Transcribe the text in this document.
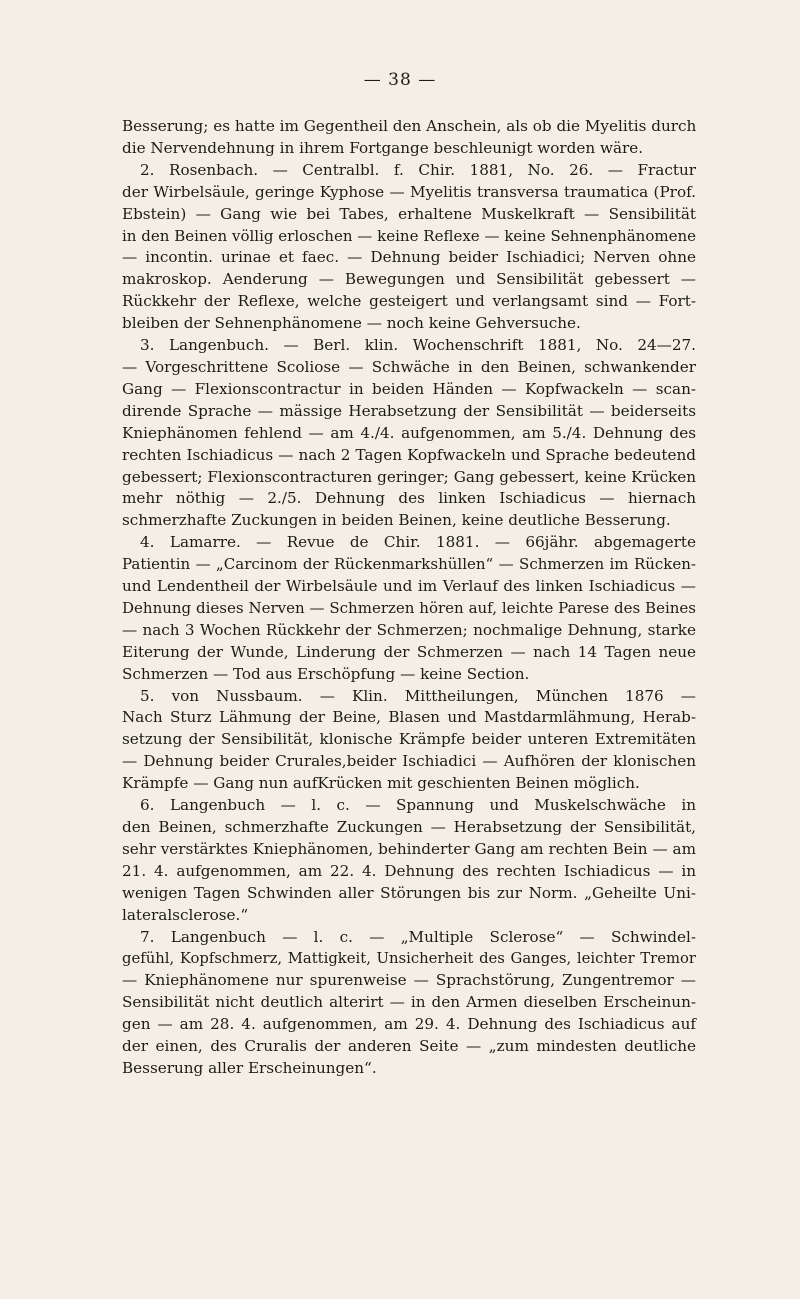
— 38 —
Besserung; es hatte im Gegentheil den Anschein, als ob die Myelitis durch
die Nervendehnung in ihrem Fortgange beschleunigt worden wäre.
2. Rosenbach. — Centralbl. f. Chir. 1881, No. 26. — Fractur
der Wirbelsäule, geringe Kyphose — Myelitis transversa traumatica (Prof.
Ebstein) — Gang wie bei Tabes, erhaltene Muskelkraft — Sensibilität
in den Beinen völlig erloschen — keine Reflexe — keine Sehnenphänomene
— incontin. urinae et faec. — Dehnung beider Ischiadici; Nerven ohne
makroskop. Aenderung — Bewegungen und Sensibilität gebessert —
Rückkehr der Reflexe, welche gesteigert und verlangsamt sind — Fort-
bleiben der Sehnenphänomene — noch keine Gehversuche.
3. Langenbuch. — Berl. klin. Wochenschrift 1881, No. 24—27.
— Vorgeschrittene Scoliose — Schwäche in den Beinen, schwankender
Gang — Flexionscontractur in beiden Händen — Kopfwackeln — scan-
dirende Sprache — mässige Herabsetzung der Sensibilität — beiderseits
Kniephänomen fehlend — am 4./4. aufgenommen, am 5./4. Dehnung des
rechten Ischiadicus — nach 2 Tagen Kopfwackeln und Sprache bedeutend
gebessert; Flexionscontracturen geringer; Gang gebessert, keine Krücken
mehr nöthig — 2./5. Dehnung des linken Ischiadicus — hiernach
schmerzhafte Zuckungen in beiden Beinen, keine deutliche Besserung.
4. Lamarre. — Revue de Chir. 1881. — 66jähr. abgemagerte
Patientin — „Carcinom der Rückenmarkshüllen“ — Schmerzen im Rücken-
und Lendentheil der Wirbelsäule und im Verlauf des linken Ischiadicus —
Dehnung dieses Nerven — Schmerzen hören auf, leichte Parese des Beines
— nach 3 Wochen Rückkehr der Schmerzen; nochmalige Dehnung, starke
Eiterung der Wunde, Linderung der Schmerzen — nach 14 Tagen neue
Schmerzen — Tod aus Erschöpfung — keine Section.
5. von Nussbaum. — Klin. Mittheilungen, München 1876 —
Nach Sturz Lähmung der Beine, Blasen und Mastdarmlähmung, Herab-
setzung der Sensibilität, klonische Krämpfe beider unteren Extremitäten
— Dehnung beider Crurales,beider Ischiadici — Aufhören der klonischen
Krämpfe — Gang nun aufKrücken mit geschienten Beinen möglich.
6. Langenbuch — l. c. — Spannung und Muskelschwäche in
den Beinen, schmerzhafte Zuckungen — Herabsetzung der Sensibilität,
sehr verstärktes Kniephänomen, behinderter Gang am rechten Bein — am
21. 4. aufgenommen, am 22. 4. Dehnung des rechten Ischiadicus — in
wenigen Tagen Schwinden aller Störungen bis zur Norm. „Geheilte Uni-
lateralsclerose.“
7. Langenbuch — l. c. — „Multiple Sclerose“ — Schwindel-
gefühl, Kopfschmerz, Mattigkeit, Unsicherheit des Ganges, leichter Tremor
— Kniephänomene nur spurenweise — Sprachstörung, Zungentremor —
Sensibilität nicht deutlich alterirt — in den Armen dieselben Erscheinun-
gen — am 28. 4. aufgenommen, am 29. 4. Dehnung des Ischiadicus auf
der einen, des Cruralis der anderen Seite — „zum mindesten deutliche
Besserung aller Erscheinungen“.
